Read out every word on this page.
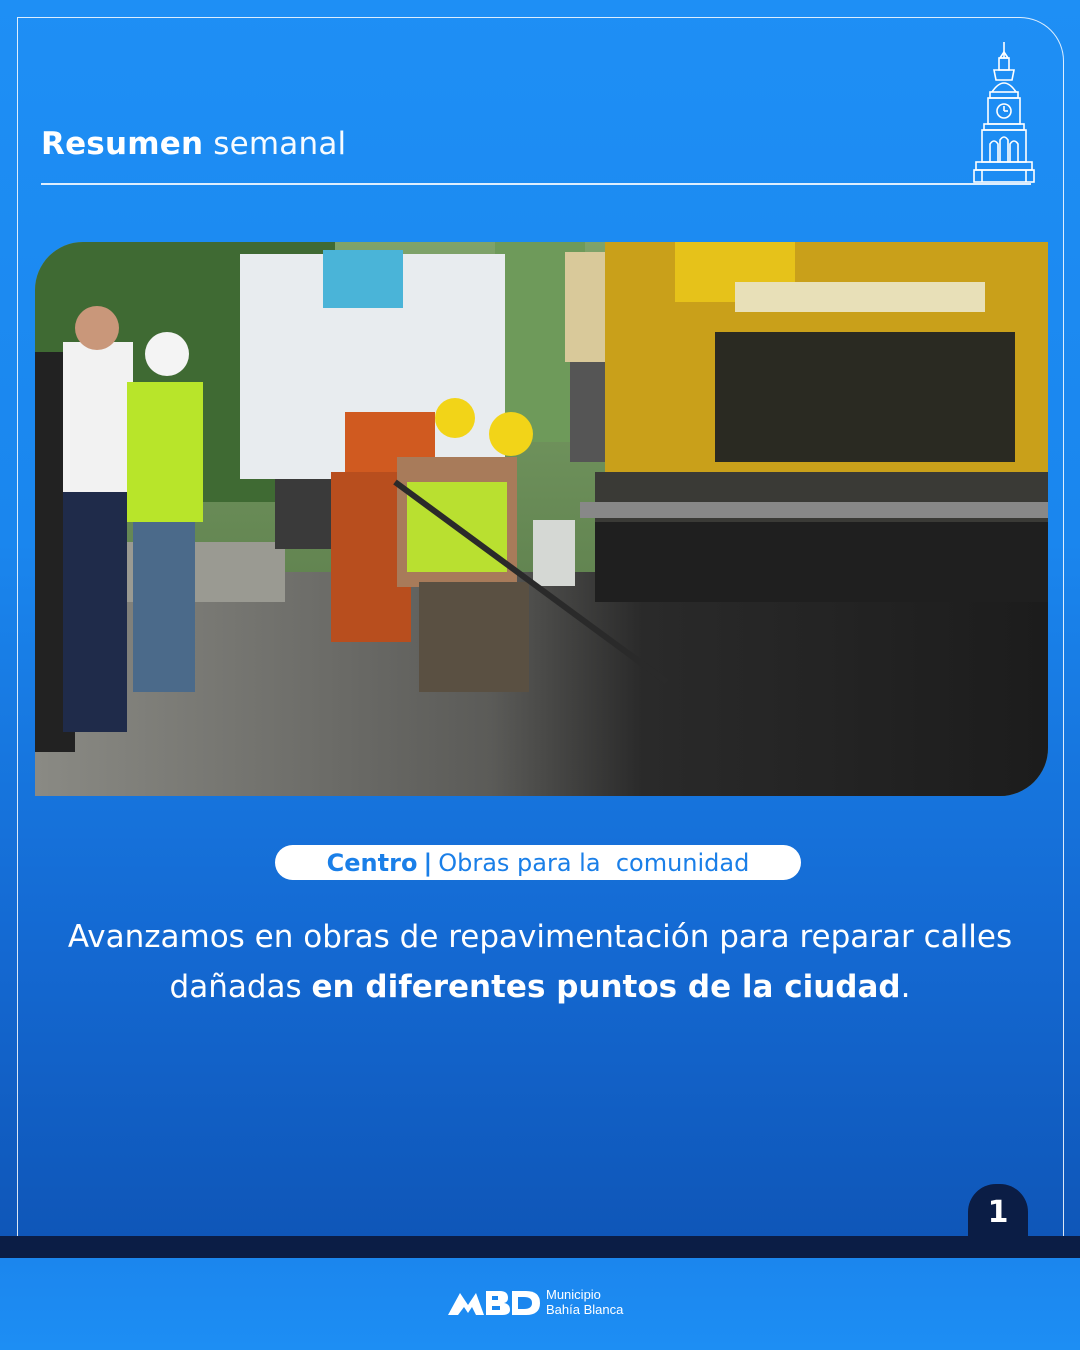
Resumen semanal
Centro | Obras para la  comunidad
Avanzamos en obras de repavimentación para reparar calles dañadas en diferentes puntos de la ciudad.
1
Municipio
Bahía Blanca
